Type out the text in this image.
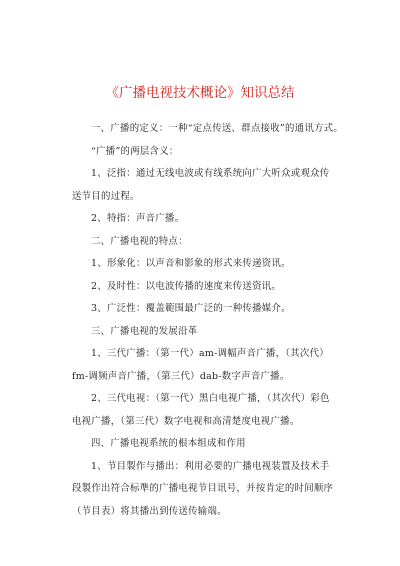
《广播电视技术概论》知识总结

一、广播的定义：一种“定点传送、群点接收”的通讯方式。

“广播”的两层含义：

1、泛指：通过无线电波或有线系统向广大听众或观众传送节目的过程。

2、特指：声音广播。

二、广播电视的特点：

1、形象化：以声音和影象的形式来传递资讯。

2、及时性：以电波传播的速度来传送资讯。

3、广泛性：覆盖範围最广泛的一种传播媒介。

三、广播电视的发展沿革

1、三代广播：（第一代）am-调幅声音广播，（其次代）fm-调频声音广播，（第三代）dab-数字声音广播。

2、三代电视：（第一代）黑白电视广播，（其次代）彩色电视广播，（第三代）数字电视和高清楚度电视广播。

四、广播电视系统的根本组成和作用

1、节目製作与播出：利用必要的广播电视装置及技术手段製作出符合标準的广播电视节目讯号，并按肯定的时间顺序（节目表）将其播出到传送传输端。
